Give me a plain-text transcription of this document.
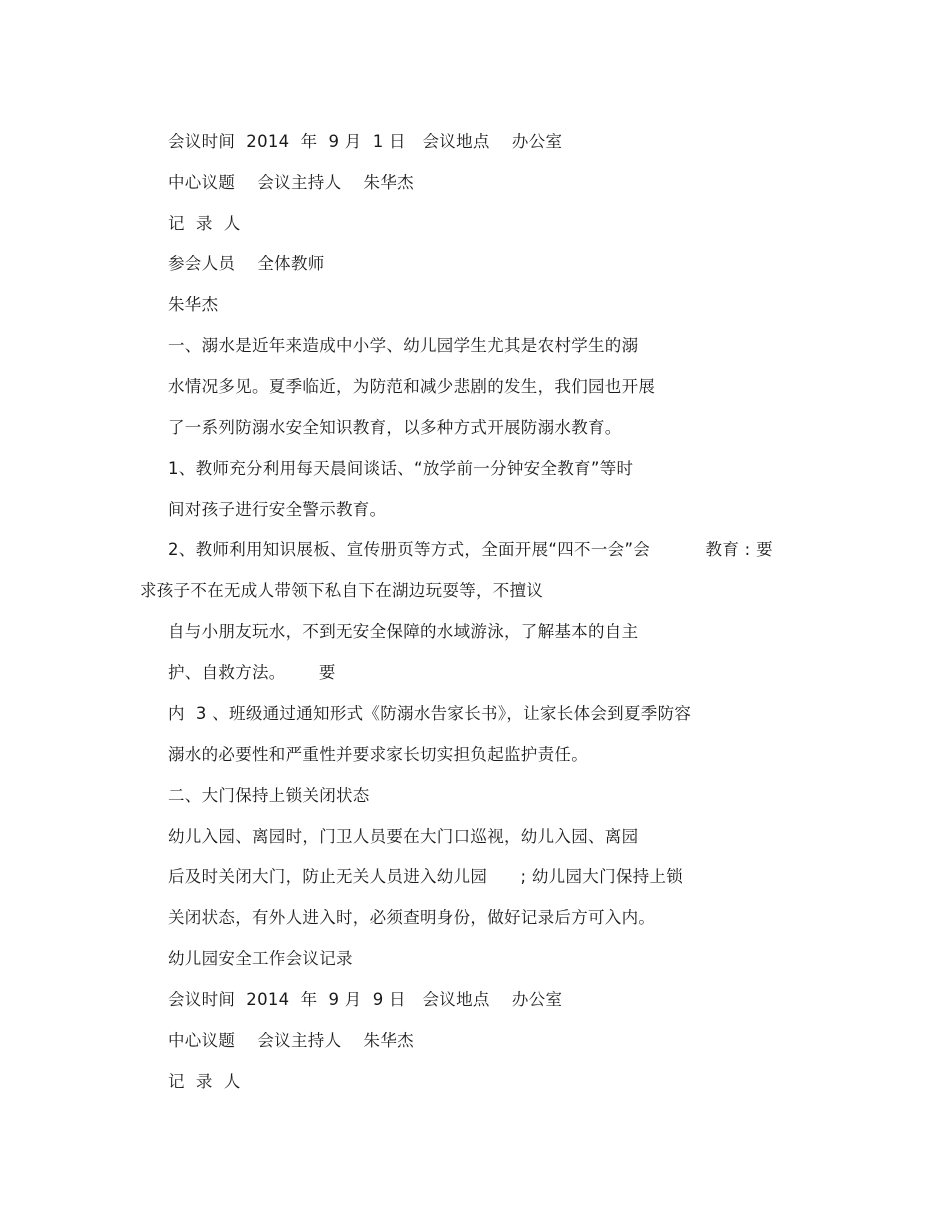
会议时间  2014  年  9 月  1 日   会议地点    办公室
中心议题    会议主持人    朱华杰
记  录  人
参会人员    全体教师
朱华杰
一、溺水是近年来造成中小学、幼儿园学生尤其是农村学生的溺
水情况多见。夏季临近，为防范和减少悲剧的发生，我们园也开展
了一系列防溺水安全知识教育，以多种方式开展防溺水教育。
1、教师充分利用每天晨间谈话、“放学前一分钟安全教育”等时
间对孩子进行安全警示教育。
2、教师利用知识展板、宣传册页等方式，全面开展“四不一会”会          教育 : 要
求孩子不在无成人带领下私自下在湖边玩耍等，不擅议
自与小朋友玩水，不到无安全保障的水域游泳，了解基本的自主
护、自救方法。      要
内  3 、班级通过通知形式《防溺水告家长书》，让家长体会到夏季防容
溺水的必要性和严重性并要求家长切实担负起监护责任。
二、大门保持上锁关闭状态
幼儿入园、离园时，门卫人员要在大门口巡视，幼儿入园、离园
后及时关闭大门，防止无关人员进入幼儿园      ; 幼儿园大门保持上锁
关闭状态，有外人进入时，必须查明身份，做好记录后方可入内。
幼儿园安全工作会议记录
会议时间  2014  年  9 月  9 日   会议地点    办公室
中心议题    会议主持人    朱华杰
记  录  人
